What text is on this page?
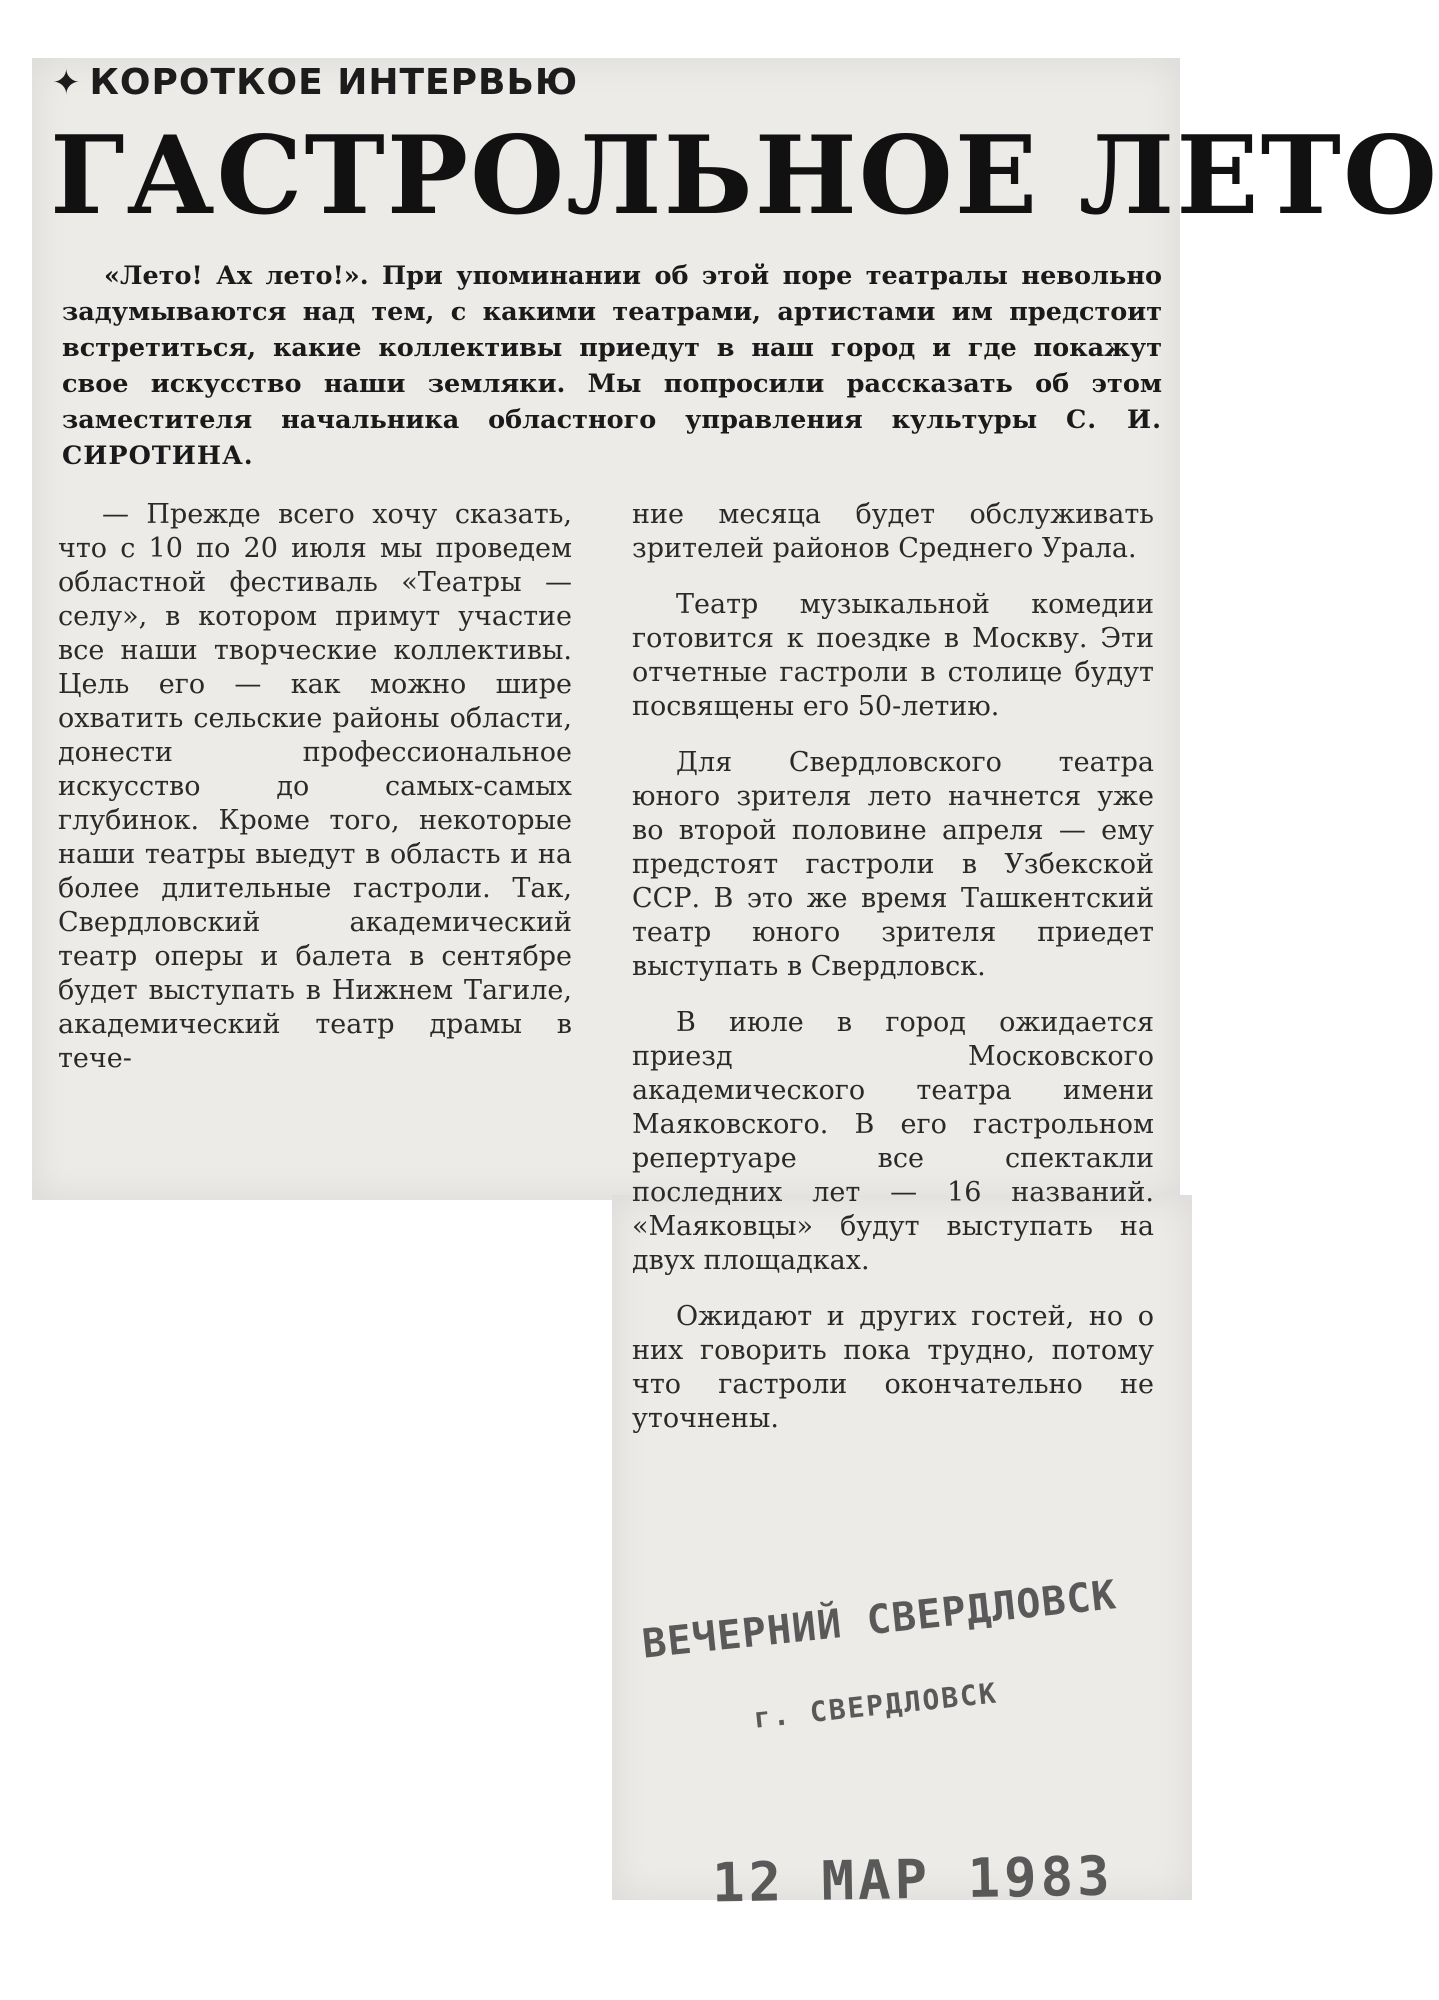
✦ КОРОТКОЕ ИНТЕРВЬЮ
ГАСТРОЛЬНОЕ ЛЕТО
«Лето! Ах лето!». При упоминании об этой поре театралы невольно задумываются над тем, с какими театрами, артистами им предстоит встретиться, какие коллективы приедут в наш город и где покажут свое искусство наши земляки. Мы попросили рассказать об этом заместителя начальника областного управления культуры С. И. СИРОТИНА.

— Прежде всего хочу сказать, что с 10 по 20 июля мы проведем областной фестиваль «Театры — селу», в котором примут участие все наши творческие коллективы. Цель его — как можно шире охватить сельские районы области, донести профессиональное искусство до самых-самых глубинок. Кроме того, некоторые наши театры выедут в область и на более длительные гастроли. Так, Свердловский академический театр оперы и балета в сентябре будет выступать в Нижнем Тагиле, академический театр драмы в тече-

ние месяца будет обслуживать зрителей районов Среднего Урала.

Театр музыкальной комедии готовится к поездке в Москву. Эти отчетные гастроли в столице будут посвящены его 50-летию.

Для Свердловского театра юного зрителя лето начнется уже во второй половине апреля — ему предстоят гастроли в Узбекской ССР. В это же время Ташкентский театр юного зрителя приедет выступать в Свердловск.

В июле в город ожидается приезд Московского академического театра имени Маяковского. В его гастрольном репертуаре все спектакли последних лет — 16 названий. «Маяковцы» будут выступать на двух площадках.

Ожидают и других гостей, но о них говорить пока трудно, потому что гастроли окончательно не уточнены.

ВЕЧЕРНИЙ СВЕРДЛОВСК
г. СВЕРДЛОВСК
12 МАР 1983
